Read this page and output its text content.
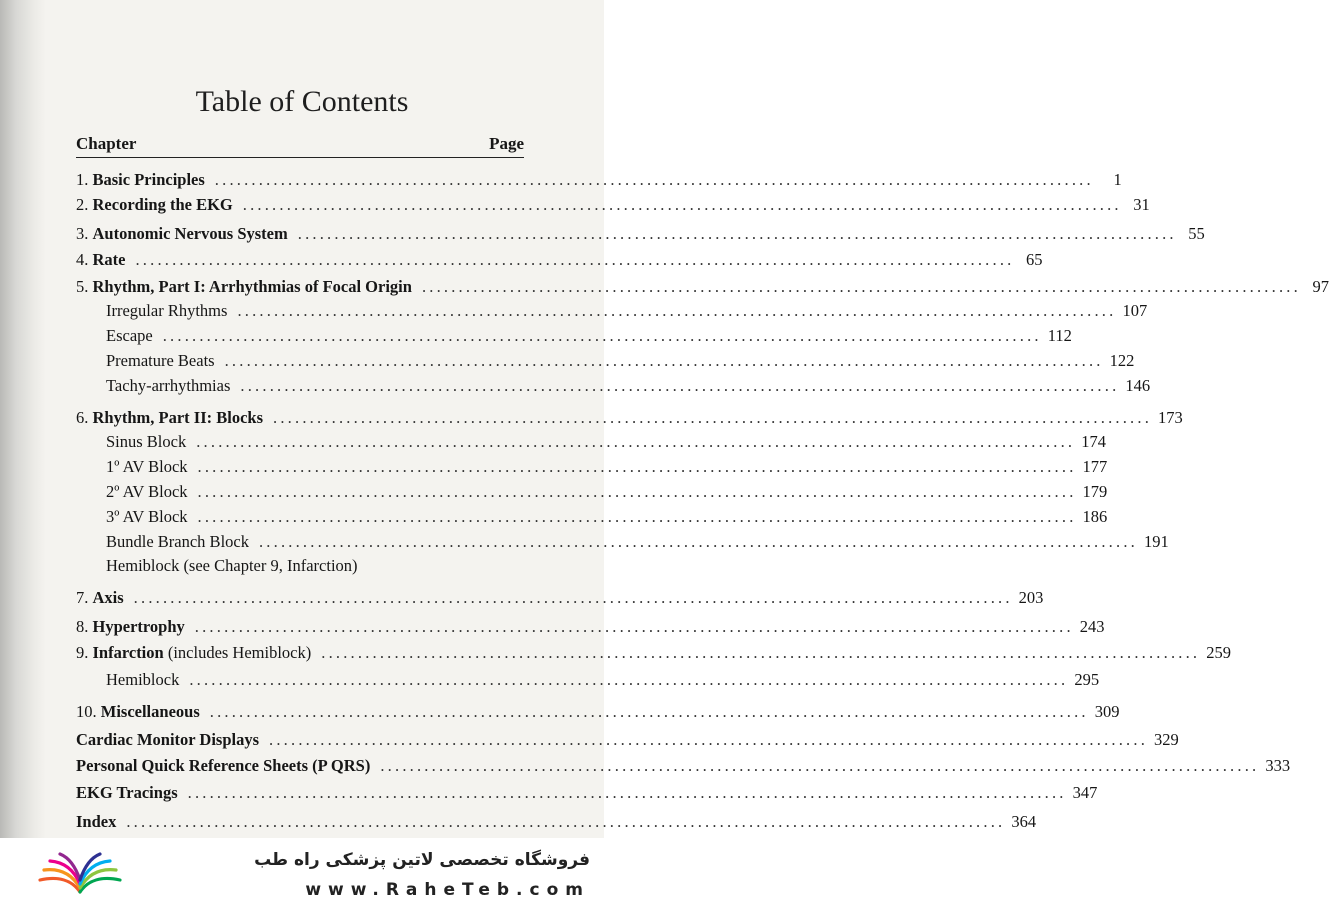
Table of Contents
Chapter	Page
1. Basic Principles ........................................................................................................................	1
2. Recording the EKG ........................................................................................................................ 31
3. Autonomic Nervous System ........................................................................................................................ 55
4. Rate ........................................................................................................................ 65
5. Rhythm, Part I: Arrhythmias of Focal Origin ........................................................................................................................ 97
Irregular Rhythms ........................................................................................................................ 107
Escape ........................................................................................................................ 112
Premature Beats ........................................................................................................................ 122
Tachy-arrhythmias ........................................................................................................................ 146
6. Rhythm, Part II: Blocks ........................................................................................................................ 173
Sinus Block ........................................................................................................................ 174
1º AV Block ........................................................................................................................ 177
2º AV Block ........................................................................................................................ 179
3º AV Block ........................................................................................................................ 186
Bundle Branch Block ........................................................................................................................ 191
Hemiblock (see Chapter 9, Infarction)
7. Axis ........................................................................................................................ 203
8. Hypertrophy ........................................................................................................................ 243
9. Infarction (includes Hemiblock) ........................................................................................................................ 259
Hemiblock ........................................................................................................................ 295
10. Miscellaneous ........................................................................................................................ 309
Cardiac Monitor Displays ........................................................................................................................ 329
Personal Quick Reference Sheets (P QRS) ........................................................................................................................ 333
EKG Tracings ........................................................................................................................ 347
Index ........................................................................................................................ 364
فروشگاه تخصصی لاتین پزشکی راه طب
www.RaheTeb.com
